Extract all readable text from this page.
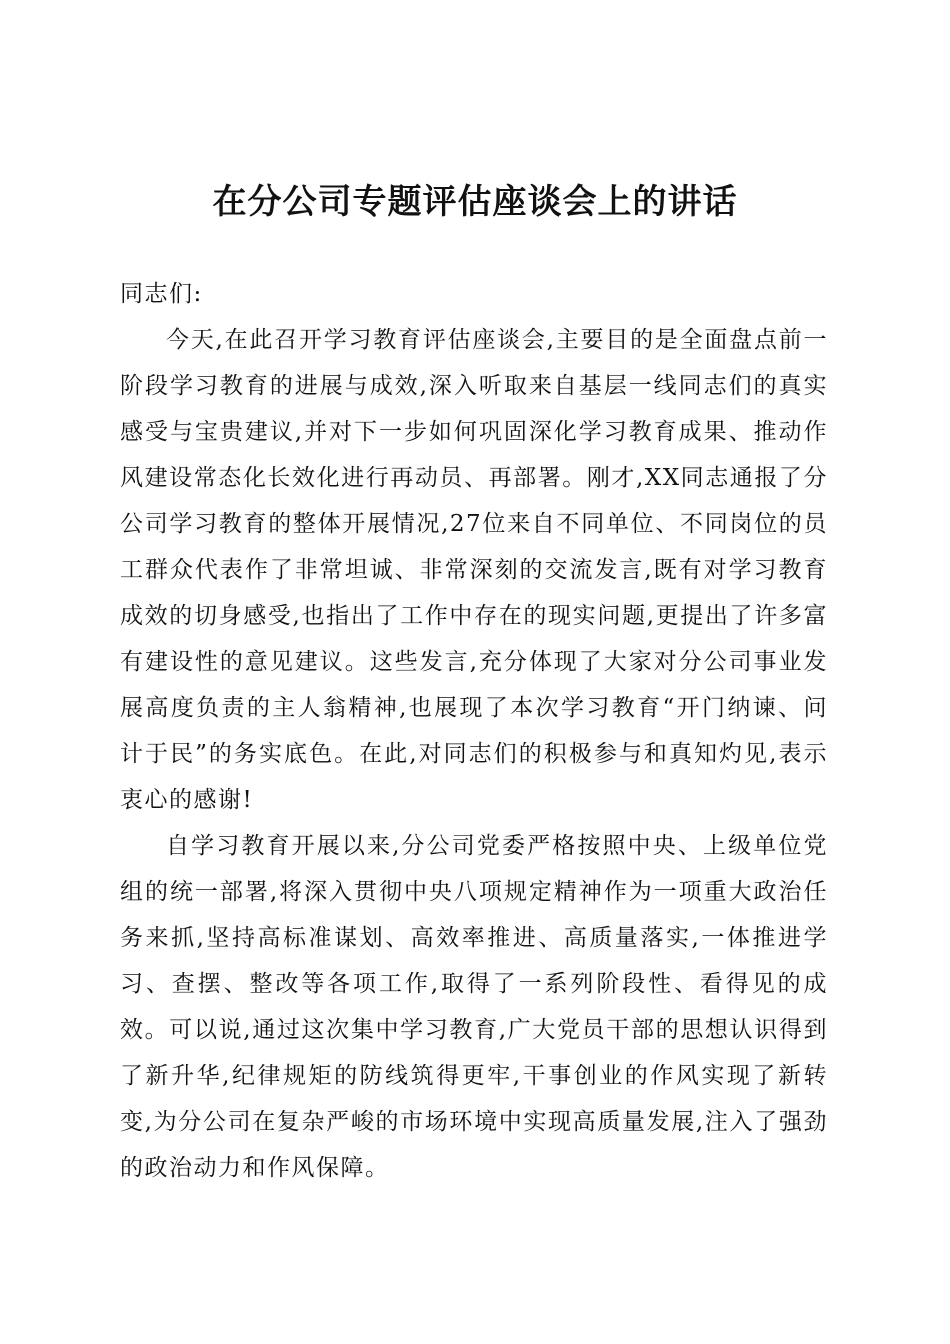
在分公司专题评估座谈会上的讲话

同志们:

今天,在此召开学习教育评估座谈会,主要目的是全面盘点前一阶段学习教育的进展与成效,深入听取来自基层一线同志们的真实感受与宝贵建议,并对下一步如何巩固深化学习教育成果、推动作风建设常态化长效化进行再动员、再部署。刚才,XX同志通报了分公司学习教育的整体开展情况,27位来自不同单位、不同岗位的员工群众代表作了非常坦诚、非常深刻的交流发言,既有对学习教育成效的切身感受,也指出了工作中存在的现实问题,更提出了许多富有建设性的意见建议。这些发言,充分体现了大家对分公司事业发展高度负责的主人翁精神,也展现了本次学习教育“开门纳谏、问计于民”的务实底色。在此,对同志们的积极参与和真知灼见,表示衷心的感谢!

自学习教育开展以来,分公司党委严格按照中央、上级单位党组的统一部署,将深入贯彻中央八项规定精神作为一项重大政治任务来抓,坚持高标准谋划、高效率推进、高质量落实,一体推进学习、查摆、整改等各项工作,取得了一系列阶段性、看得见的成效。可以说,通过这次集中学习教育,广大党员干部的思想认识得到了新升华,纪律规矩的防线筑得更牢,干事创业的作风实现了新转变,为分公司在复杂严峻的市场环境中实现高质量发展,注入了强劲的政治动力和作风保障。
